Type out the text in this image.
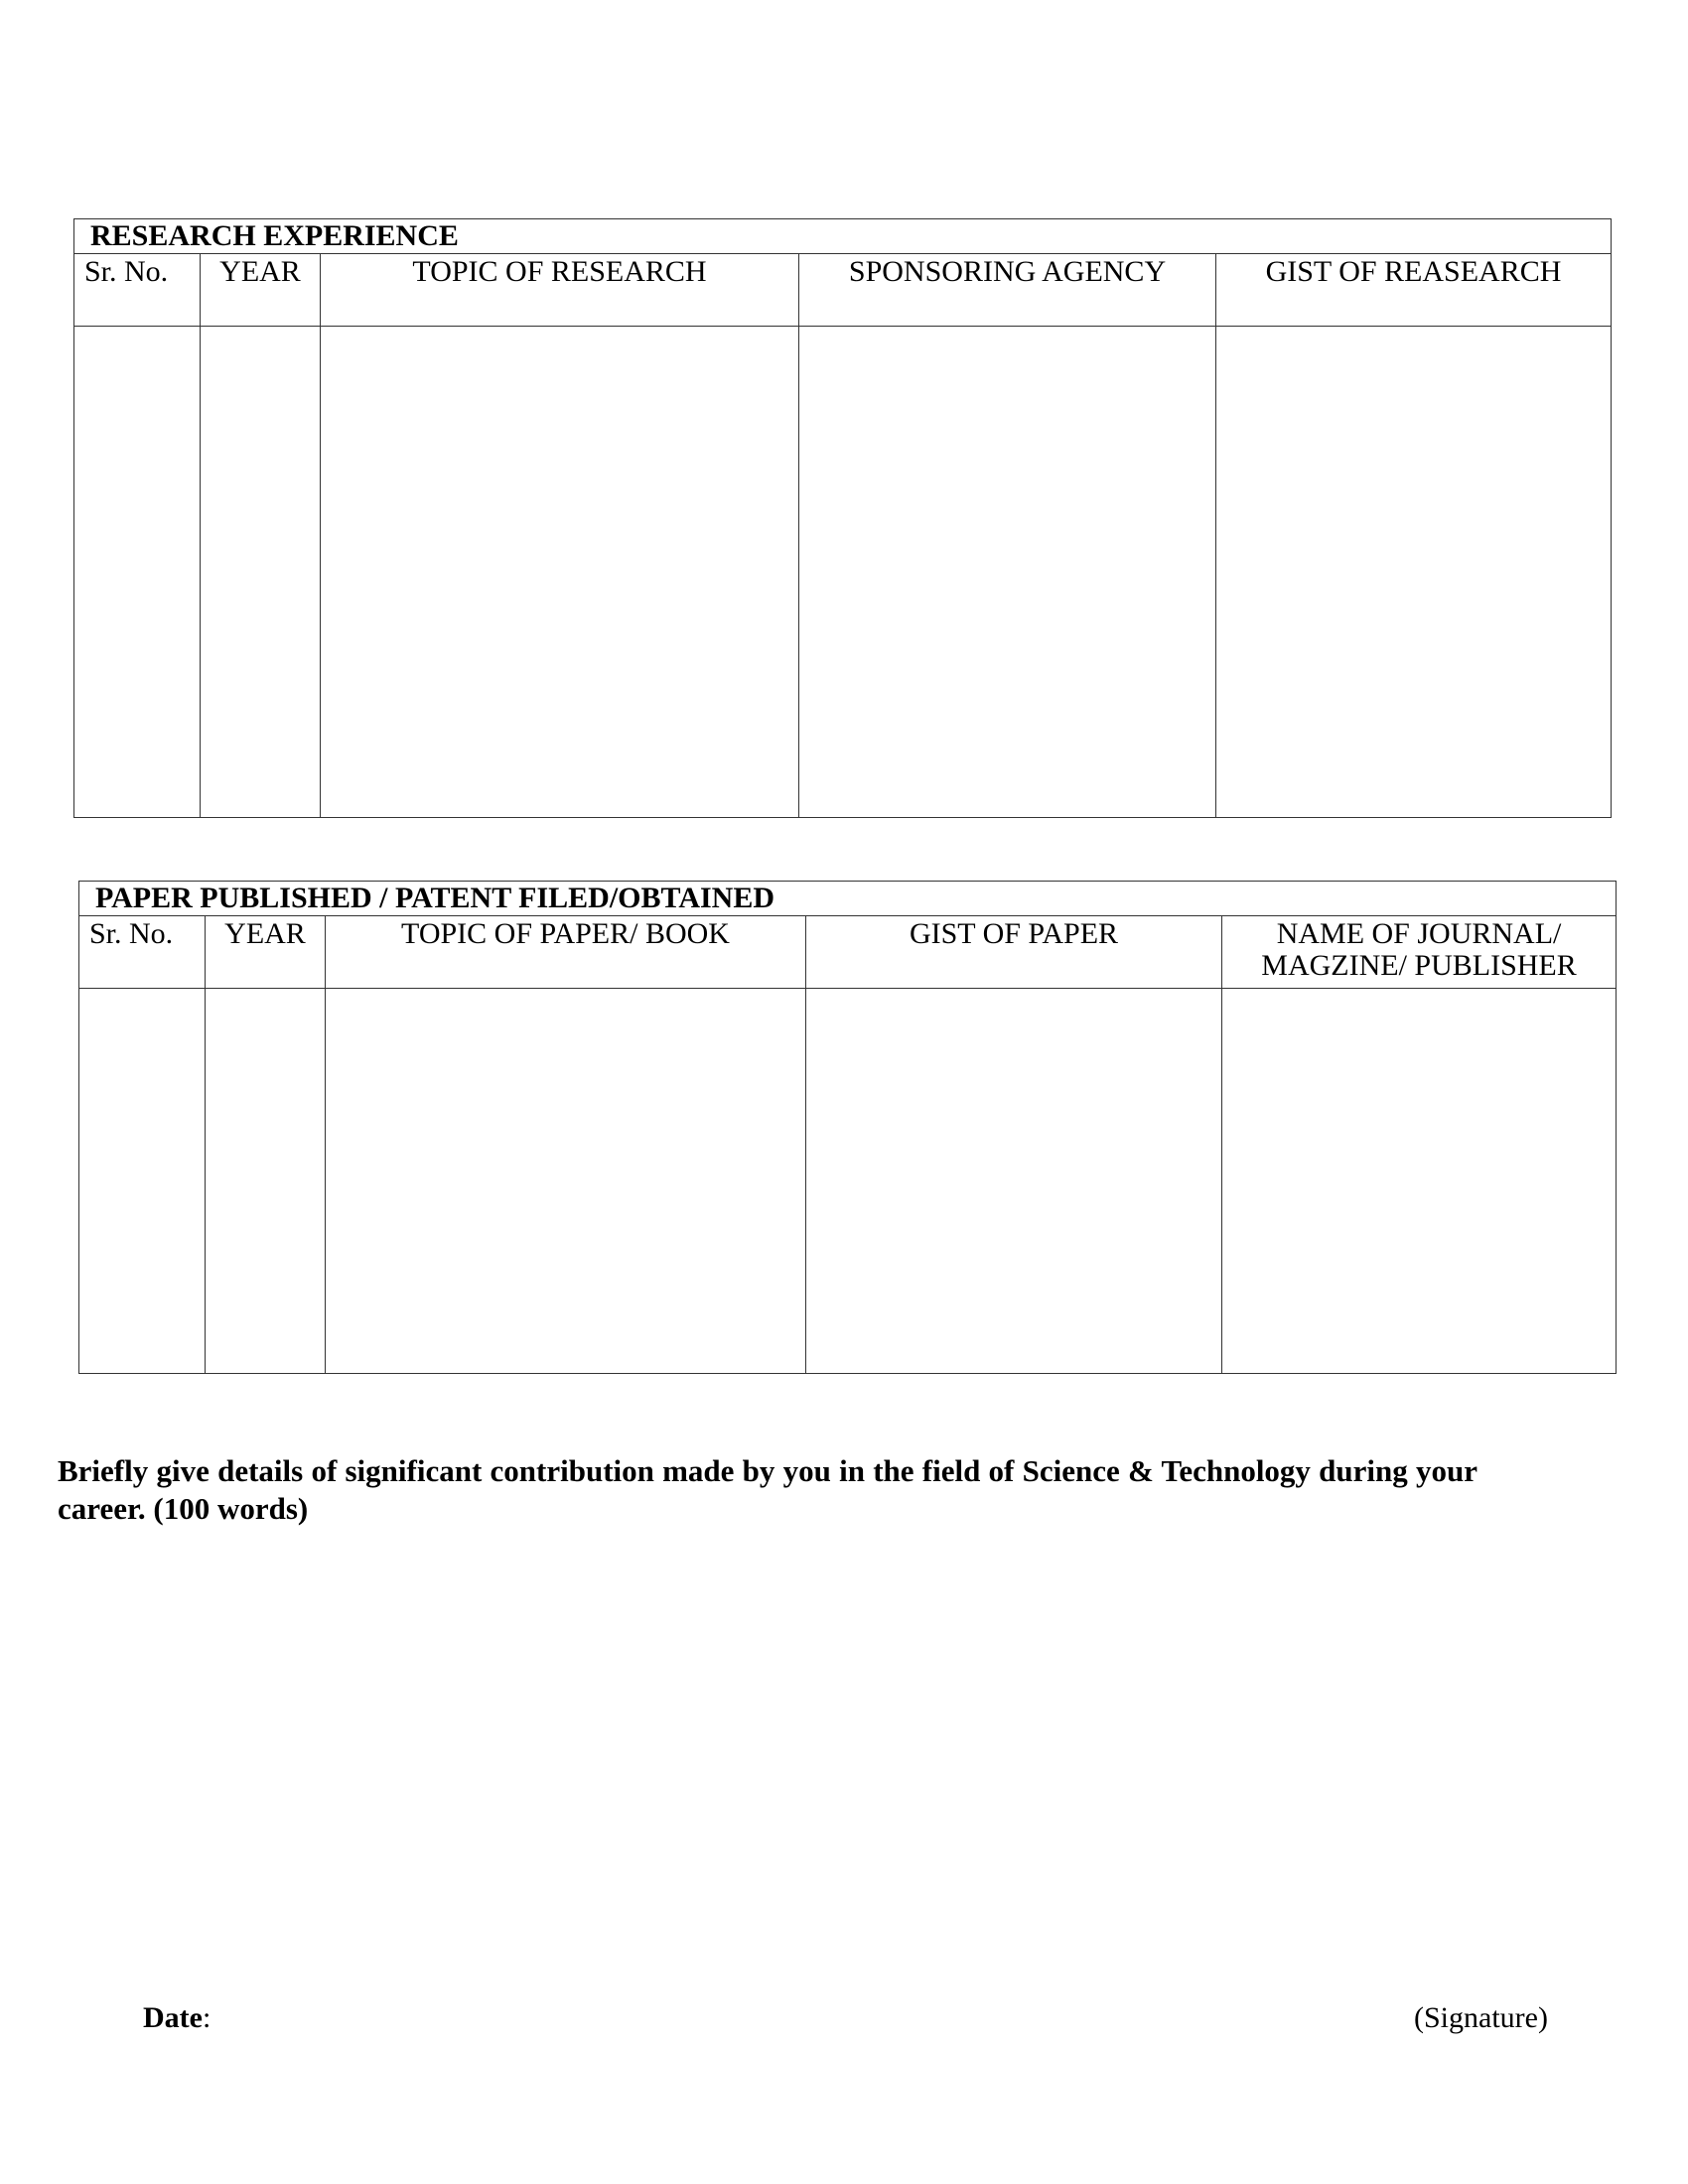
RESEARCH EXPERIENCE				
Sr. No.	YEAR	TOPIC OF RESEARCH	SPONSORING AGENCY	GIST OF REASEARCH

PAPER PUBLISHED / PATENT FILED/OBTAINED				
Sr. No.	YEAR	TOPIC OF PAPER/ BOOK	GIST OF PAPER	NAME OF JOURNAL/ MAGZINE/ PUBLISHER

Briefly give details of significant contribution made by you in the field of Science & Technology during your career. (100 words)

Date:	(Signature)
